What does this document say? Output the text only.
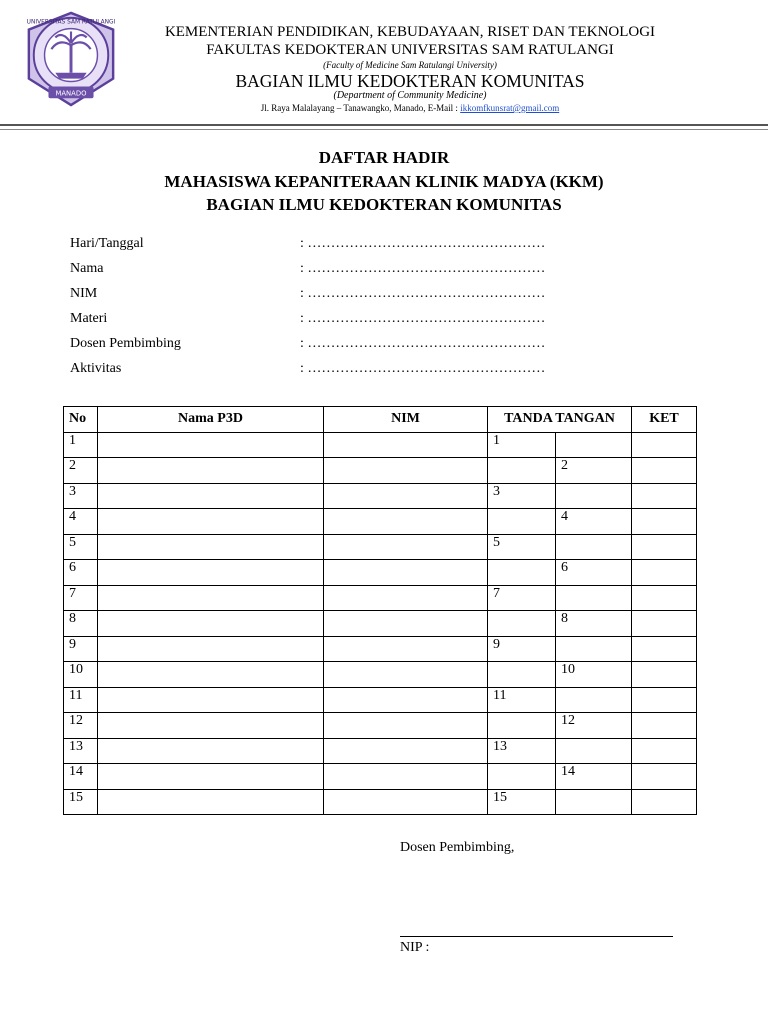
UNIVERSITAS SAM RATULANGI
MANADO
KEMENTERIAN PENDIDIKAN, KEBUDAYAAN, RISET DAN TEKNOLOGI
FAKULTAS KEDOKTERAN UNIVERSITAS SAM RATULANGI
(Faculty of Medicine Sam Ratulangi University)
BAGIAN ILMU KEDOKTERAN KOMUNITAS
(Department of Community Medicine)
Jl. Raya Malalayang – Tanawangko, Manado, E-Mail : ikkomfkunsrat@gmail.com
DAFTAR HADIR
MAHASISWA KEPANITERAAN KLINIK MADYA (KKM)
BAGIAN ILMU KEDOKTERAN KOMUNITAS
Hari/Tanggal	: ……………………………………………
Nama	: ……………………………………………
NIM	: ……………………………………………
Materi	: ……………………………………………
Dosen Pembimbing	: ……………………………………………
Aktivitas	: ……………………………………………
No	Nama P3D	NIM	TANDA TANGAN		KET
1			1		
2				2	
3			3		
4				4	
5			5		
6				6	
7			7		
8				8	
9			9		
10				10	
11			11		
12				12	
13			13		
14				14	
15			15		
Dosen Pembimbing,
NIP :
